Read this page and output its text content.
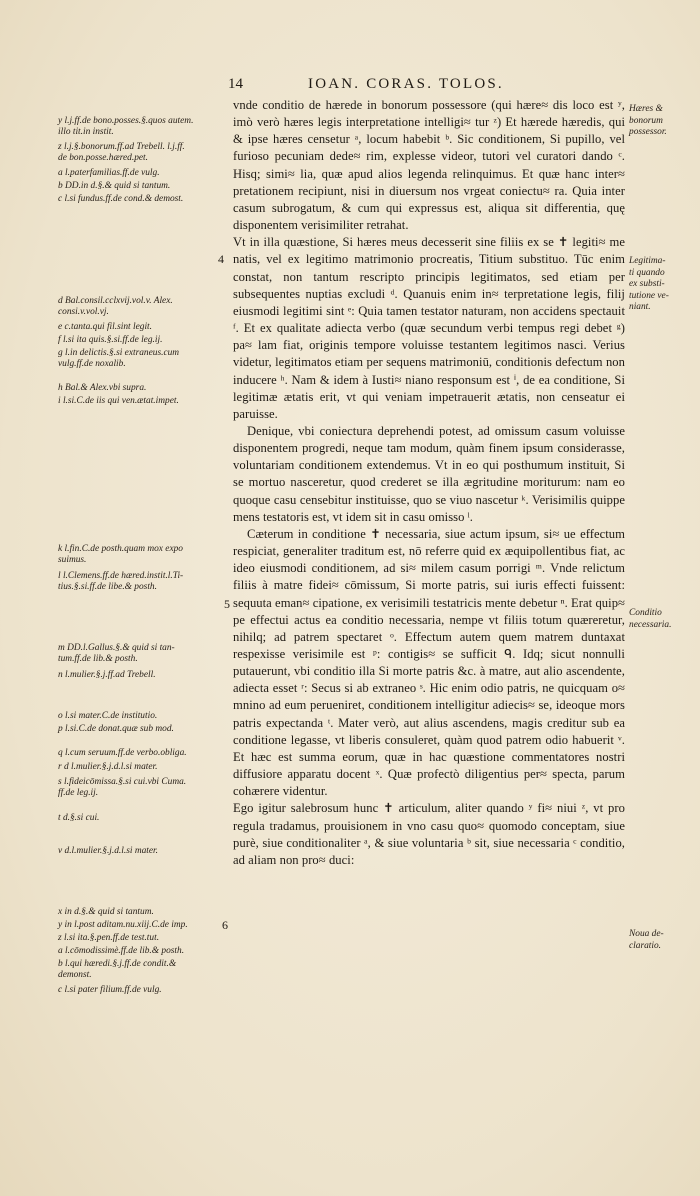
14	IOAN. CORAS. TOLOS.

vnde conditio de hærede in bonorum possessore (qui hære≈ dis loco est ʸ, imò verò hæres legis interpretatione intelligi≈ tur ᶻ) Et hærede hæredis, qui & ipse hæres censetur ᵃ, locum habebit ᵇ. Sic conditionem, Si pupillo, vel furioso pecuniam dede≈ rim, explesse videor, tutori vel curatori dando ᶜ. Hisq; simi≈ lia, quæ apud alios legenda relinquimus. Et quæ hanc inter≈ pretationem recipiunt, nisi in diuersum nos vrgeat coniectu≈ ra. Quia inter casum subrogatum, & cum qui expressus est, aliqua sit differentia, quę disponentem verisimiliter retrahat.

Vt in illa quæstione, Si hæres meus decesserit sine filiis ex se ✝ legiti≈ me natis, vel ex legitimo matrimonio procreatis, Titium substituo. Tūc enim constat, non tantum rescripto principis legitimatos, sed etiam per subsequentes nuptias excludi ᵈ. Quanuis enim in≈ terpretatione legis, filij eiusmodi legitimi sint ᵉ: Quia tamen testator naturam, non accidens spectauit ᶠ. Et ex qualitate adiecta verbo (quæ secundum verbi tempus regi debet ᵍ) pa≈ lam fiat, originis tempore voluisse testantem legitimos nasci. Verius videtur, legitimatos etiam per sequens matrimoniū, conditionis defectum non inducere ʰ. Nam & idem à Iusti≈ niano responsum est ⁱ, de ea conditione, Si legitimæ ætatis erit, vt qui veniam impetrauerit ætatis, non censeatur ei paruisse.

Denique, vbi coniectura deprehendi potest, ad omissum casum voluisse disponentem progredi, neque tam modum, quàm finem ipsum considerasse, voluntariam conditionem extendemus. Vt in eo qui posthumum instituit, Si se mortuo nasceretur, quod crederet se illa ægritudine moriturum: nam eo quoque casu censebitur instituisse, quo se viuo nascetur ᵏ. Verisimilis quippe mens testatoris est, vt idem sit in casu omisso ˡ.

Cæterum in conditione ✝ necessaria, siue actum ipsum, si≈ ue effectum respiciat, generaliter traditum est, nō referre quid ex æquipollentibus fiat, ac ideo eiusmodi conditionem, ad si≈ milem casum porrigi ᵐ. Vnde relictum filiis à matre fidei≈ cōmissum, Si morte patris, sui iuris effecti fuissent: sequuta eman≈ cipatione, ex verisimili testatricis mente debetur ⁿ. Erat quip≈ pe effectui actus ea conditio necessaria, nempe vt filiis totum quæreretur, nihilq; ad patrem spectaret ᵒ. Effectum autem quem matrem duntaxat respexisse verisimile est ᵖ: contigis≈ se sufficit ᑫ. Idq; sicut nonnulli putauerunt, vbi conditio illa Si morte patris &c. à matre, aut alio ascendente, adiecta esset ʳ: Secus si ab extraneo ˢ. Hic enim odio patris, ne quicquam o≈ mnino ad eum perueniret, conditionem intelligitur adiecis≈ se, ideoque mors patris expectanda ᵗ. Mater verò, aut alius ascendens, magis creditur sub ea conditione legasse, vt liberis consuleret, quàm quod patrem odio habuerit ᵛ. Et hæc est summa eorum, quæ in hac quæstione commentatores nostri diffusiore apparatu docent ˣ. Quæ profectò diligentius per≈ specta, parum cohærere videntur.

Ego igitur salebrosum hunc ✝ articulum, aliter quando ʸ fi≈ niui ᶻ, vt pro regula tradamus, prouisionem in vno casu quo≈ quomodo conceptam, siue purè, siue conditionaliter ᵃ, & siue voluntaria ᵇ sit, siue necessaria ᶜ conditio, ad aliam non pro≈ duci:

4
5
6
y l.j.ff.de bono.posses.§.quos autem.
illo tit.in instit.
z l.j.§.bonorum.ff.ad Trebell. l.j.ff.
de bon.posse.hæred.pet.
a l.paterfamilias.ff.de vulg.
b DD.in d.§.& quid si tantum.
c l.si fundus.ff.de cond.& demost.
d Bal.consil.cclxvij.vol.v. Alex.
consi.v.vol.vj.
e c.tanta.qui fil.sint legit.
f l.si ita quis.§.si.ff.de leg.ij.
g l.in delictis.§.si extraneus.cum
vulg.ff.de noxalib.
h Bal.& Alex.vbi supra.
i l.si.C.de iis qui ven.ætat.impet.
k l.fin.C.de posth.quam mox expo
suimus.
l l.Clemens.ff.de hæred.instit.l.Ti-
tius.§.si.ff.de libe.& posth.
m DD.l.Gallus.§.& quid si tan-
tum.ff.de lib.& posth.
n l.mulier.§.j.ff.ad Trebell.
o l.si mater.C.de institutio.
p l.si.C.de donat.quæ sub mod.
q l.cum seruum.ff.de verbo.obliga.
r d l.mulier.§.j.d.l.si mater.
s l.fideicōmissa.§.si cui.vbi Cuma.
ff.de leg.ij.
t d.§.si cui.
v d.l.mulier.§.j.d.l.si mater.
x in d.§.& quid si tantum.
y in l.post aditam.nu.xiij.C.de imp.
z l.si ita.§.pen.ff.de test.tut.
a l.cōmodissimè.ff.de lib.& posth.
b l.qui hæredi.§.j.ff.de condit.&
demonst.
c l.si pater filium.ff.de vulg.
Hæres &
bonorum
possessor.
Legitima-
ti quando
ex substi-
tutione ve-
niant.
Conditio
necessaria.
Noua de-
claratio.
